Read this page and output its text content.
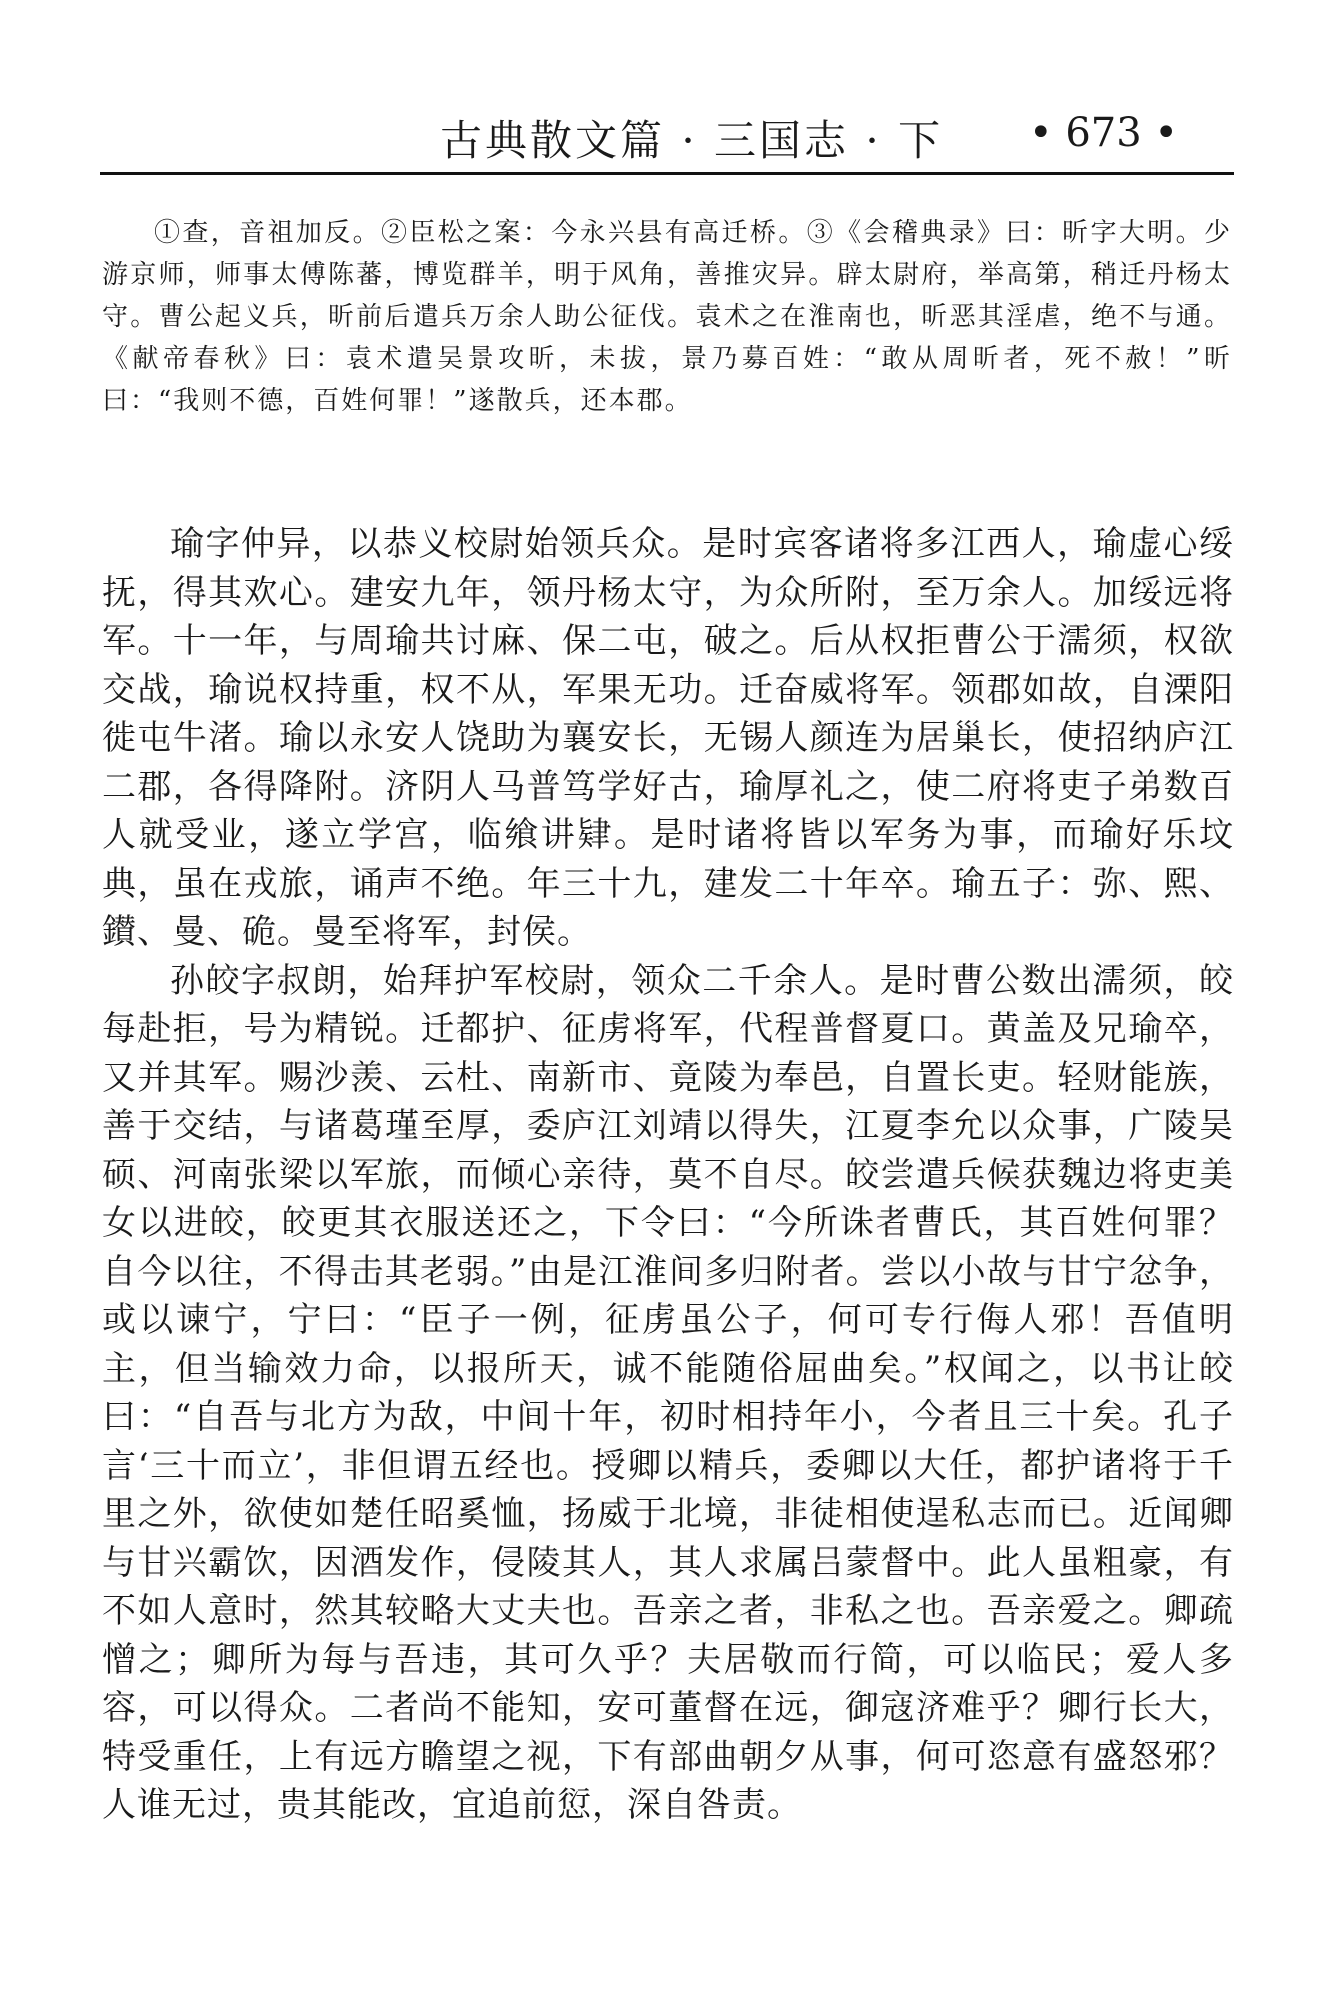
古典散文篇 · 三国志 · 下 • 673 •

①查，音祖加反。②臣松之案：今永兴县有高迁桥。③《会稽典录》曰：昕字大明。少游京师，师事太傅陈蕃，博览群羊，明于风角，善推灾异。辟太尉府，举高第，稍迁丹杨太守。曹公起义兵，昕前后遣兵万余人助公征伐。袁术之在淮南也，昕恶其淫虐，绝不与通。《献帝春秋》曰：袁术遣吴景攻昕，未拔，景乃募百姓：“敢从周昕者，死不赦！”昕曰：“我则不德，百姓何罪！”遂散兵，还本郡。

瑜字仲异，以恭义校尉始领兵众。是时宾客诸将多江西人，瑜虚心绥抚，得其欢心。建安九年，领丹杨太守，为众所附，至万余人。加绥远将军。十一年，与周瑜共讨麻、保二屯，破之。后从权拒曹公于濡须，权欲交战，瑜说权持重，权不从，军果无功。迁奋威将军。领郡如故，自溧阳徙屯牛渚。瑜以永安人饶助为襄安长，无锡人颜连为居巢长，使招纳庐江二郡，各得降附。济阴人马普笃学好古，瑜厚礼之，使二府将吏子弟数百人就受业，遂立学宫，临飨讲肄。是时诸将皆以军务为事，而瑜好乐坟典，虽在戎旅，诵声不绝。年三十九，建发二十年卒。瑜五子：弥、熙、鑚、曼、硊。曼至将军，封侯。

孙皎字叔朗，始拜护军校尉，领众二千余人。是时曹公数出濡须，皎每赴拒，号为精锐。迁都护、征虏将军，代程普督夏口。黄盖及兄瑜卒，又并其军。赐沙羡、云杜、南新市、竟陵为奉邑，自置长吏。轻财能族，善于交结，与诸葛瑾至厚，委庐江刘靖以得失，江夏李允以众事，广陵吴硕、河南张梁以军旅，而倾心亲待，莫不自尽。皎尝遣兵候获魏边将吏美女以进皎，皎更其衣服送还之，下令曰：“今所诛者曹氏，其百姓何罪？自今以往，不得击其老弱。”由是江淮间多归附者。尝以小故与甘宁忿争，或以谏宁，宁曰：“臣子一例，征虏虽公子，何可专行侮人邪！吾值明主，但当输效力命，以报所天，诚不能随俗屈曲矣。”权闻之，以书让皎曰：“自吾与北方为敌，中间十年，初时相持年小，今者且三十矣。孔子言‘三十而立’，非但谓五经也。授卿以精兵，委卿以大任，都护诸将于千里之外，欲使如楚任昭奚恤，扬威于北境，非徒相使逞私志而已。近闻卿与甘兴霸饮，因酒发作，侵陵其人，其人求属吕蒙督中。此人虽粗豪，有不如人意时，然其较略大丈夫也。吾亲之者，非私之也。吾亲爱之。卿疏憎之；卿所为每与吾违，其可久乎？夫居敬而行简，可以临民；爱人多容，可以得众。二者尚不能知，安可董督在远，御寇济难乎？卿行长大，特受重任，上有远方瞻望之视，下有部曲朝夕从事，何可恣意有盛怒邪？人谁无过，贵其能改，宜追前愆，深自咎责。
